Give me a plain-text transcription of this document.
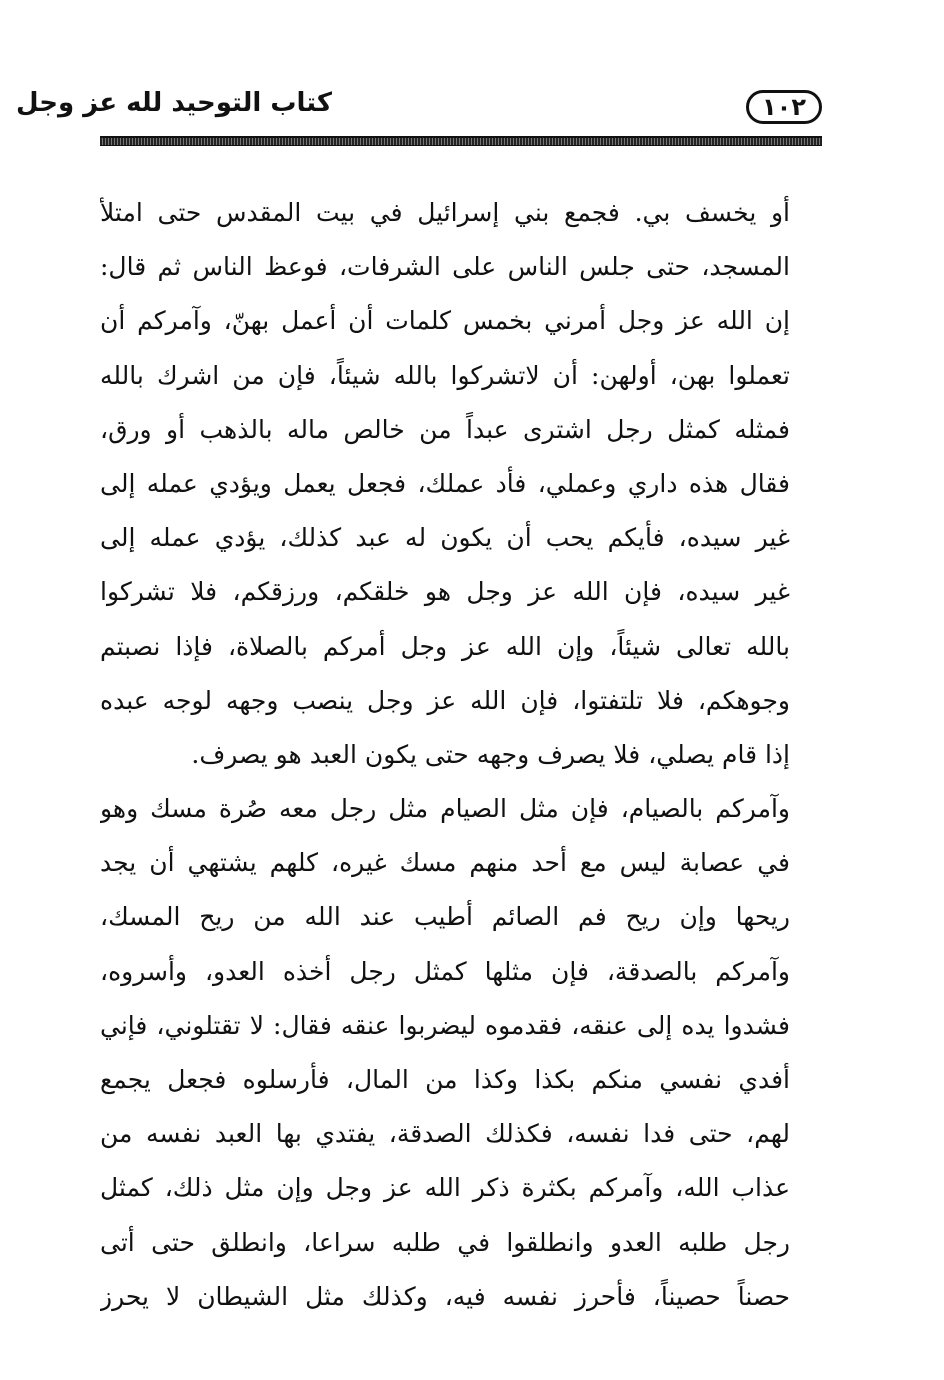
١٠٢
كتاب التوحيد لله عز وجل
أو يخسف بي. فجمع بني إسرائيل في بيت المقدس حتى امتلأ
المسجد، حتى جلس الناس على الشرفات، فوعظ الناس ثم قال:
إن الله عز وجل أمرني بخمس كلمات أن أعمل بهنّ، وآمركم أن
تعملوا بهن، أولهن: أن لاتشركوا بالله شيئاً، فإن من اشرك بالله
فمثله كمثل رجل اشترى عبداً من خالص ماله بالذهب أو ورق،
فقال هذه داري وعملي، فأد عملك، فجعل يعمل ويؤدي عمله إلى
غير سيده، فأيكم يحب أن يكون له عبد كذلك، يؤدي عمله إلى
غير سيده، فإن الله عز وجل هو خلقكم، ورزقكم، فلا تشركوا
بالله تعالى شيئاً، وإن الله عز وجل أمركم بالصلاة، فإذا نصبتم
وجوهكم، فلا تلتفتوا، فإن الله عز وجل ينصب وجهه لوجه عبده
إذا قام يصلي، فلا يصرف وجهه حتى يكون العبد هو يصرف.
وآمركم بالصيام، فإن مثل الصيام مثل رجل معه صُرة مسك وهو
في عصابة ليس مع أحد منهم مسك غيره، كلهم يشتهي أن يجد
ريحها وإن ريح فم الصائم أطيب عند الله من ريح المسك،
وآمركم بالصدقة، فإن مثلها كمثل رجل أخذه العدو، وأسروه،
فشدوا يده إلى عنقه، فقدموه ليضربوا عنقه فقال: لا تقتلوني، فإني
أفدي نفسي منكم بكذا وكذا من المال، فأرسلوه فجعل يجمع
لهم، حتى فدا نفسه، فكذلك الصدقة، يفتدي بها العبد نفسه من
عذاب الله، وآمركم بكثرة ذكر الله عز وجل وإن مثل ذلك، كمثل
رجل طلبه العدو وانطلقوا في طلبه سراعا، وانطلق حتى أتى
حصناً حصيناً، فأحرز نفسه فيه، وكذلك مثل الشيطان لا يحرز
